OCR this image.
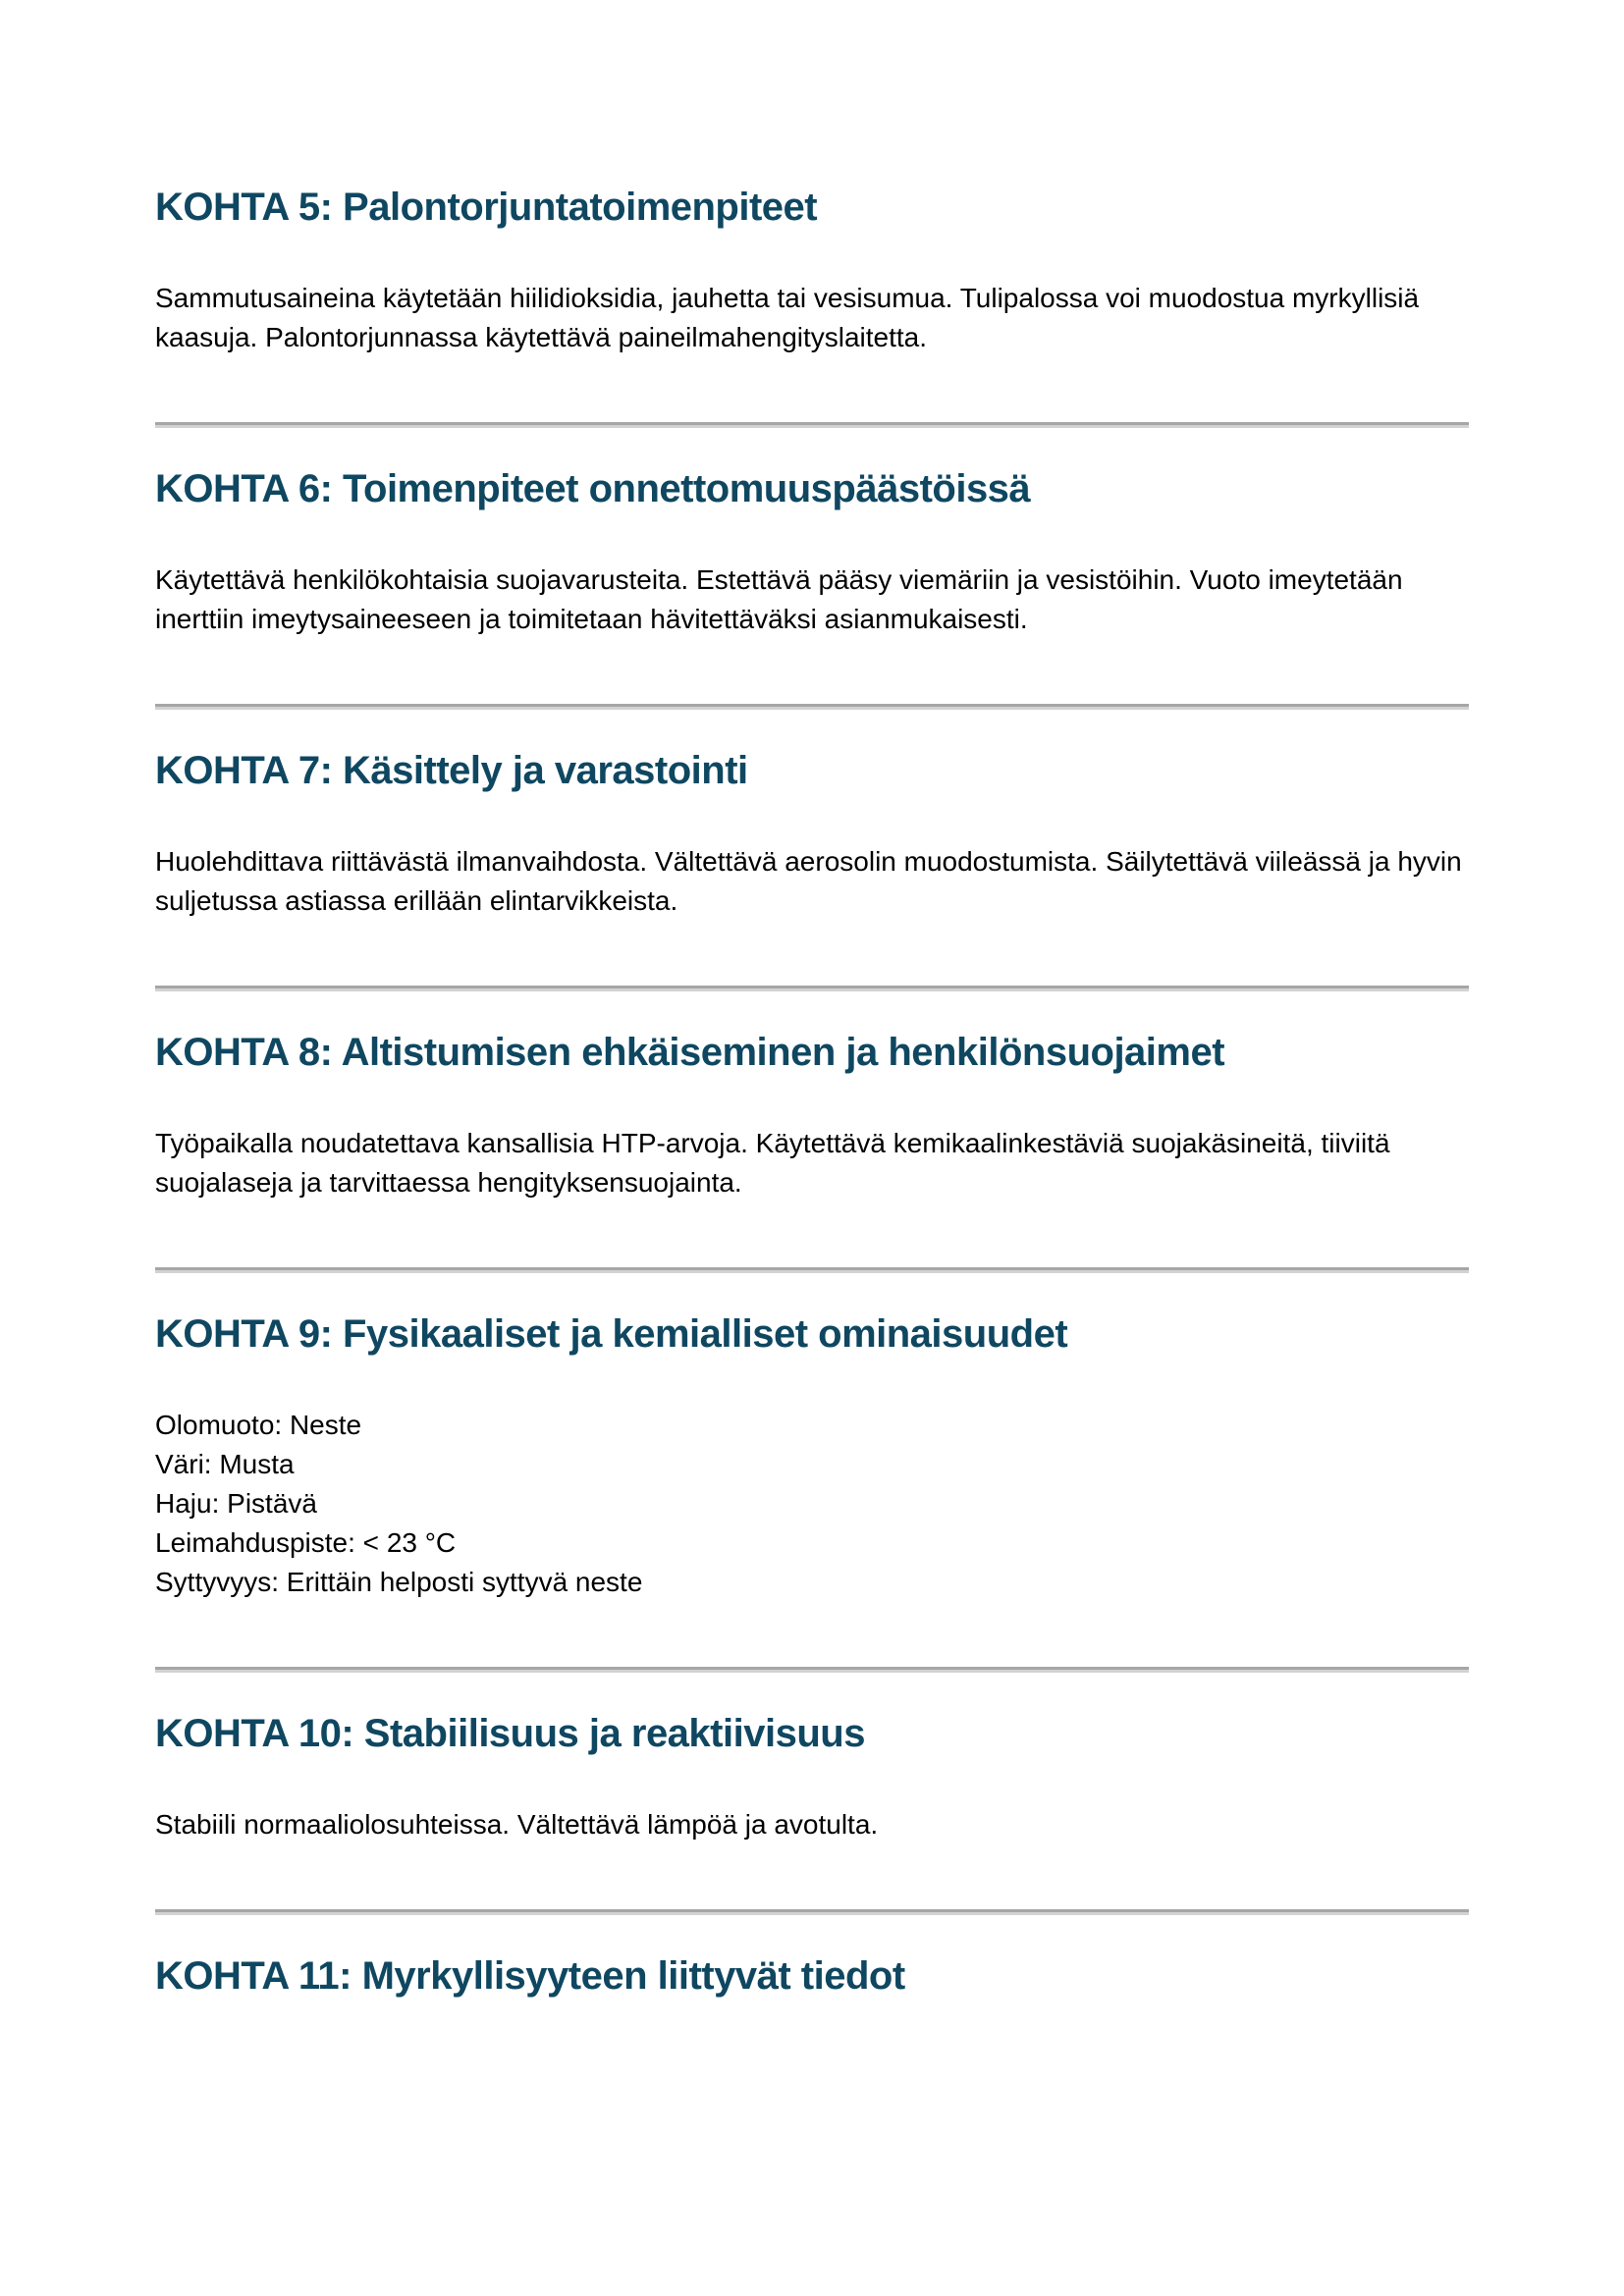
KOHTA 5: Palontorjuntatoimenpiteet

Sammutusaineina käytetään hiilidioksidia, jauhetta tai vesisumua. Tulipalossa voi muodostua myrkyllisiä kaasuja. Palontorjunnassa käytettävä paineilmahengityslaitetta.

KOHTA 6: Toimenpiteet onnettomuuspäästöissä

Käytettävä henkilökohtaisia suojavarusteita. Estettävä pääsy viemäriin ja vesistöihin. Vuoto imeytetään inerttiin imeytysaineeseen ja toimitetaan hävitettäväksi asianmukaisesti.

KOHTA 7: Käsittely ja varastointi

Huolehdittava riittävästä ilmanvaihdosta. Vältettävä aerosolin muodostumista. Säilytettävä viileässä ja hyvin suljetussa astiassa erillään elintarvikkeista.

KOHTA 8: Altistumisen ehkäiseminen ja henkilönsuojaimet

Työpaikalla noudatettava kansallisia HTP-arvoja. Käytettävä kemikaalinkestäviä suojakäsineitä, tiiviitä suojalaseja ja tarvittaessa hengityksensuojainta.

KOHTA 9: Fysikaaliset ja kemialliset ominaisuudet
Olomuoto: Neste
Väri: Musta
Haju: Pistävä
Leimahduspiste: < 23 °C
Syttyvyys: Erittäin helposti syttyvä neste
KOHTA 10: Stabiilisuus ja reaktiivisuus

Stabiili normaaliolosuhteissa. Vältettävä lämpöä ja avotulta.

KOHTA 11: Myrkyllisyyteen liittyvät tiedot
